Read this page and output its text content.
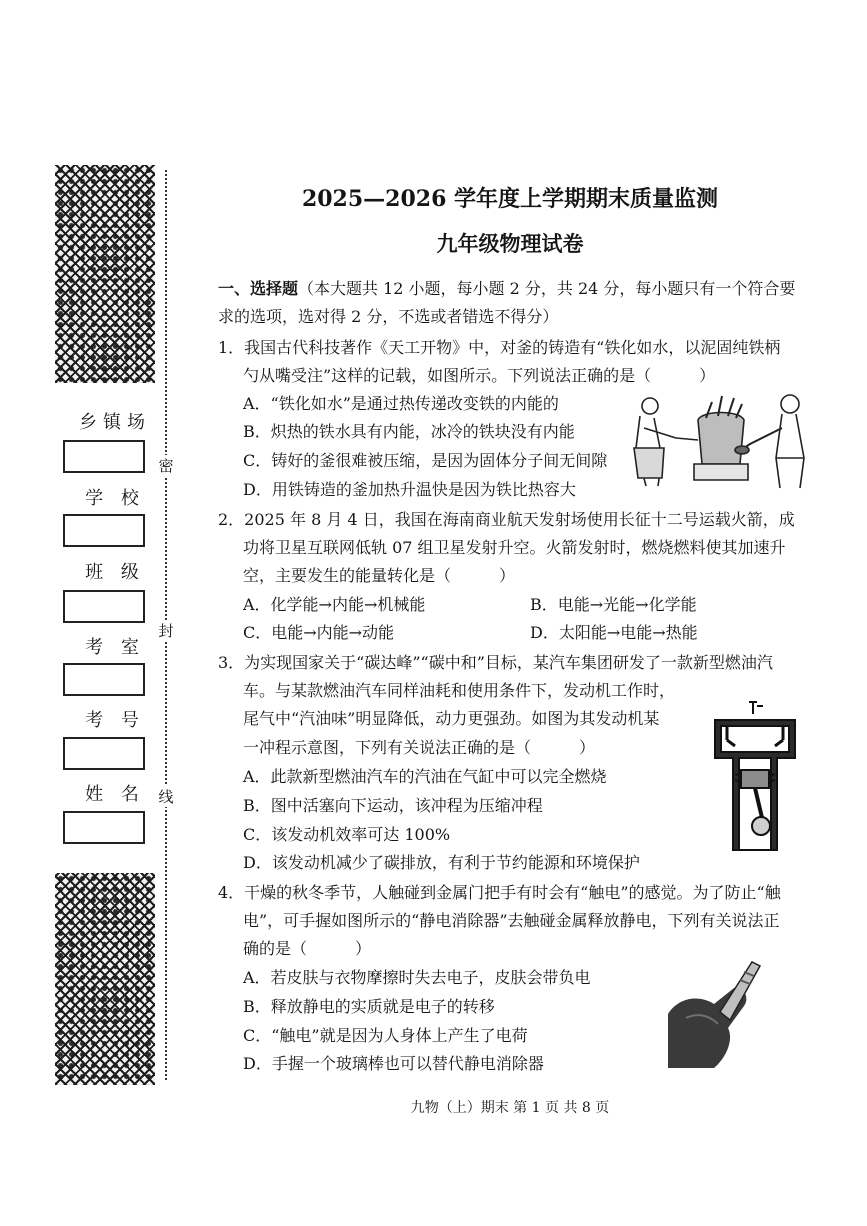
密
封
线
乡镇场
学 校
班 级
考 室
考 号
姓 名
2025—2026 学年度上学期期末质量监测
九年级物理试卷
一、选择题（本大题共 12 小题，每小题 2 分，共 24 分，每小题只有一个符合要
求的选项，选对得 2 分，不选或者错选不得分）
1．我国古代科技著作《天工开物》中，对釜的铸造有“铁化如水，以泥固纯铁柄
勺从嘴受注”这样的记载，如图所示。下列说法正确的是（　　　）
A．“铁化如水”是通过热传递改变铁的内能的
B．炽热的铁水具有内能，冰冷的铁块没有内能
C．铸好的釜很难被压缩，是因为固体分子间无间隙
D．用铁铸造的釜加热升温快是因为铁比热容大
2．2025 年 8 月 4 日，我国在海南商业航天发射场使用长征十二号运载火箭，成
功将卫星互联网低轨 07 组卫星发射升空。火箭发射时，燃烧燃料使其加速升
空，主要发生的能量转化是（　　　）
A．化学能→内能→机械能	B．电能→光能→化学能
C．电能→内能→动能	D．太阳能→电能→热能
3．为实现国家关于“碳达峰”“碳中和”目标，某汽车集团研发了一款新型燃油汽
车。与某款燃油汽车同样油耗和使用条件下，发动机工作时，
尾气中“汽油味”明显降低，动力更强劲。如图为其发动机某
一冲程示意图，下列有关说法正确的是（　　　）
A．此款新型燃油汽车的汽油在气缸中可以完全燃烧
B．图中活塞向下运动，该冲程为压缩冲程
C．该发动机效率可达 100%
D．该发动机减少了碳排放，有利于节约能源和环境保护
4．干燥的秋冬季节，人触碰到金属门把手有时会有“触电”的感觉。为了防止“触
电”，可手握如图所示的“静电消除器”去触碰金属释放静电，下列有关说法正
确的是（　　　）
A．若皮肤与衣物摩擦时失去电子，皮肤会带负电
B．释放静电的实质就是电子的转移
C．“触电”就是因为人身体上产生了电荷
D．手握一个玻璃棒也可以替代静电消除器
九物（上）期末 第 1 页 共 8 页
